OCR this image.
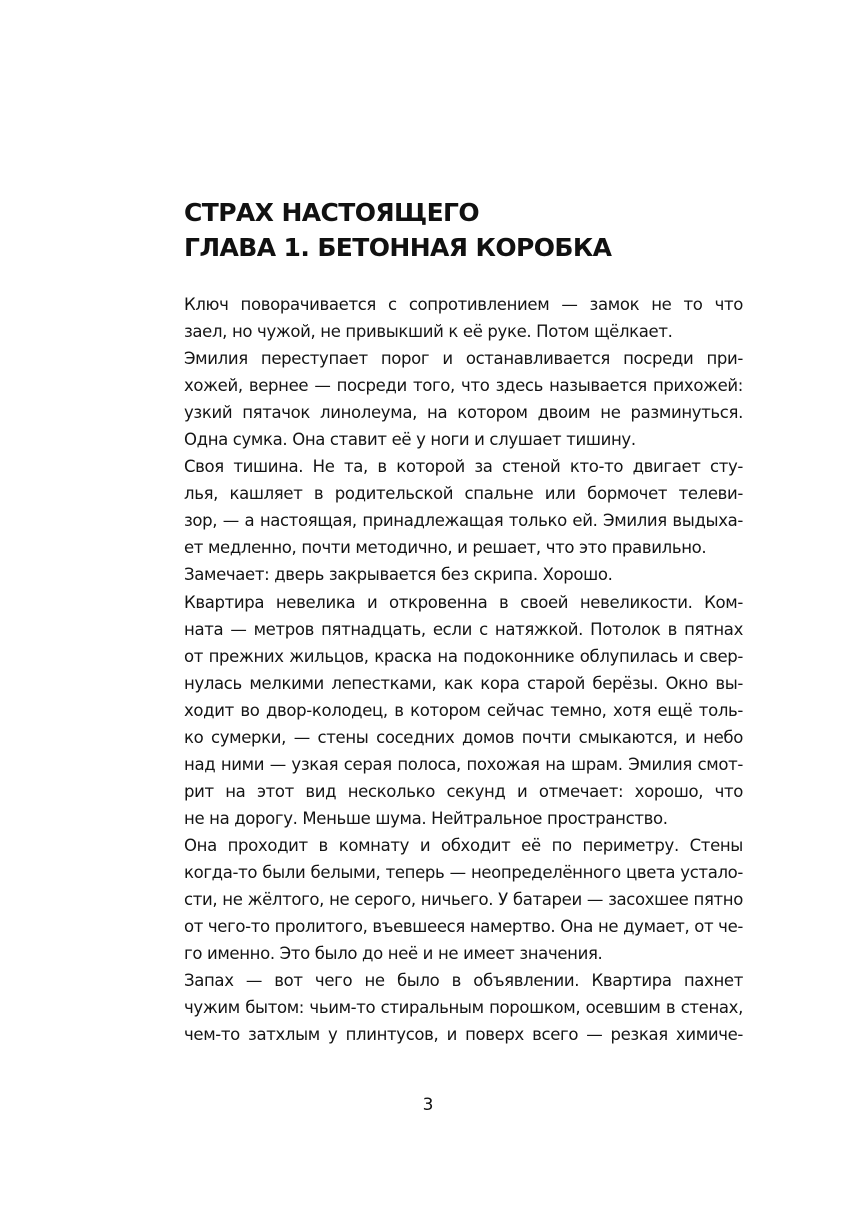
СТРАХ НАСТОЯЩЕГО
ГЛАВА 1. БЕТОННАЯ КОРОБКА
Ключ поворачивается с сопротивлением — замок не то что
заел, но чужой, не привыкший к её руке. Потом щёлкает.
Эмилия переступает порог и останавливается посреди при-
хожей, вернее — посреди того, что здесь называется прихожей:
узкий пятачок линолеума, на котором двоим не разминуться.
Одна сумка. Она ставит её у ноги и слушает тишину.
Своя тишина. Не та, в которой за стеной кто-то двигает сту-
лья, кашляет в родительской спальне или бормочет телеви-
зор, — а настоящая, принадлежащая только ей. Эмилия выдыха-
ет медленно, почти методично, и решает, что это правильно.
Замечает: дверь закрывается без скрипа. Хорошо.
Квартира невелика и откровенна в своей невеликости. Ком-
ната — метров пятнадцать, если с натяжкой. Потолок в пятнах
от прежних жильцов, краска на подоконнике облупилась и свер-
нулась мелкими лепестками, как кора старой берёзы. Окно вы-
ходит во двор-колодец, в котором сейчас темно, хотя ещё толь-
ко сумерки, — стены соседних домов почти смыкаются, и небо
над ними — узкая серая полоса, похожая на шрам. Эмилия смот-
рит на этот вид несколько секунд и отмечает: хорошо, что
не на дорогу. Меньше шума. Нейтральное пространство.
Она проходит в комнату и обходит её по периметру. Стены
когда-то были белыми, теперь — неопределённого цвета устало-
сти, не жёлтого, не серого, ничьего. У батареи — засохшее пятно
от чего-то пролитого, въевшееся намертво. Она не думает, от че-
го именно. Это было до неё и не имеет значения.
Запах — вот чего не было в объявлении. Квартира пахнет
чужим бытом: чьим-то стиральным порошком, осевшим в стенах,
чем-то затхлым у плинтусов, и поверх всего — резкая химиче-
3
